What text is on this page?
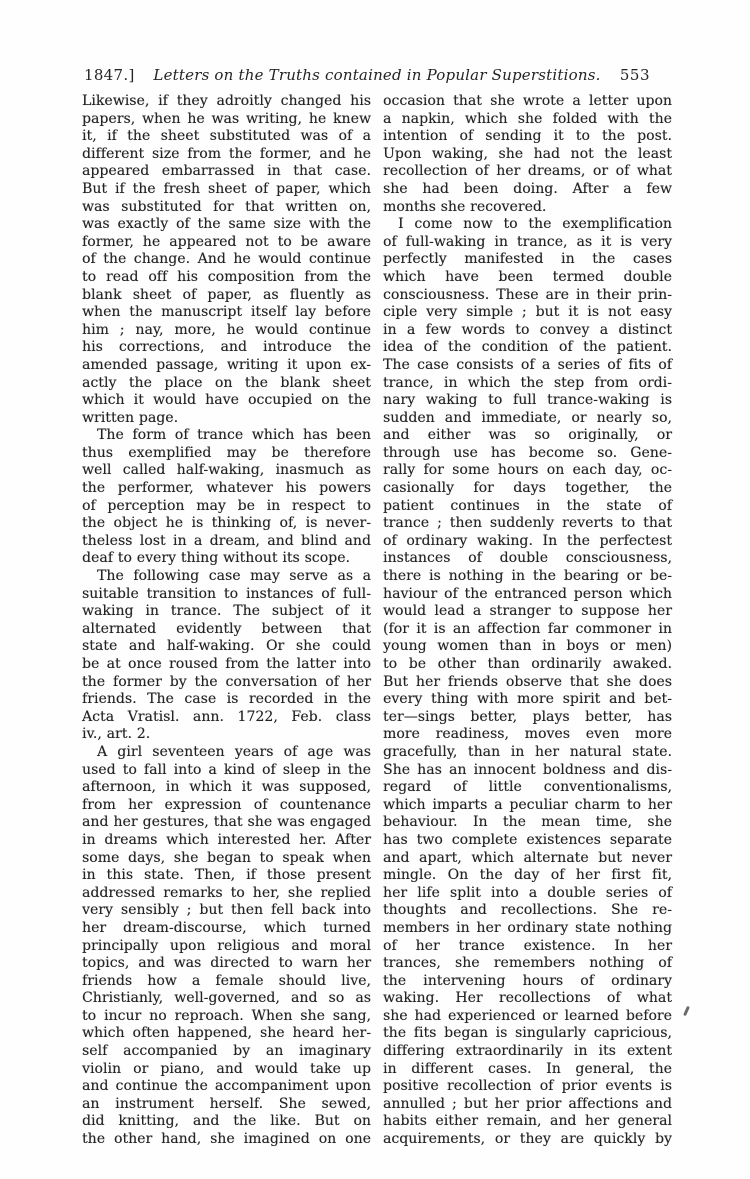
1847.]	Letters on the Truths contained in Popular Superstitions.	553
Likewise, if they adroitly changed his
papers, when he was writing, he knew
it, if the sheet substituted was of a
different size from the former, and he
appeared embarrassed in that case.
But if the fresh sheet of paper, which
was substituted for that written on,
was exactly of the same size with the
former, he appeared not to be aware
of the change. And he would continue
to read off his composition from the
blank sheet of paper, as fluently as
when the manuscript itself lay before
him ; nay, more, he would continue
his corrections, and introduce the
amended passage, writing it upon ex-
actly the place on the blank sheet
which it would have occupied on the
written page.
The form of trance which has been
thus exemplified may be therefore
well called half-waking, inasmuch as
the performer, whatever his powers
of perception may be in respect to
the object he is thinking of, is never-
theless lost in a dream, and blind and
deaf to every thing without its scope.
The following case may serve as a
suitable transition to instances of full-
waking in trance. The subject of it
alternated evidently between that
state and half-waking. Or she could
be at once roused from the latter into
the former by the conversation of her
friends. The case is recorded in the
Acta Vratisl. ann. 1722, Feb. class
iv., art. 2.
A girl seventeen years of age was
used to fall into a kind of sleep in the
afternoon, in which it was supposed,
from her expression of countenance
and her gestures, that she was engaged
in dreams which interested her. After
some days, she began to speak when
in this state. Then, if those present
addressed remarks to her, she replied
very sensibly ; but then fell back into
her dream-discourse, which turned
principally upon religious and moral
topics, and was directed to warn her
friends how a female should live,
Christianly, well-governed, and so as
to incur no reproach. When she sang,
which often happened, she heard her-
self accompanied by an imaginary
violin or piano, and would take up
and continue the accompaniment upon
an instrument herself. She sewed,
did knitting, and the like. But on
the other hand, she imagined on one
occasion that she wrote a letter upon
a napkin, which she folded with the
intention of sending it to the post.
Upon waking, she had not the least
recollection of her dreams, or of what
she had been doing. After a few
months she recovered.
I come now to the exemplification
of full-waking in trance, as it is very
perfectly manifested in the cases
which have been termed double
consciousness. These are in their prin-
ciple very simple ; but it is not easy
in a few words to convey a distinct
idea of the condition of the patient.
The case consists of a series of fits of
trance, in which the step from ordi-
nary waking to full trance-waking is
sudden and immediate, or nearly so,
and either was so originally, or
through use has become so. Gene-
rally for some hours on each day, oc-
casionally for days together, the
patient continues in the state of
trance ; then suddenly reverts to that
of ordinary waking. In the perfectest
instances of double consciousness,
there is nothing in the bearing or be-
haviour of the entranced person which
would lead a stranger to suppose her
(for it is an affection far commoner in
young women than in boys or men)
to be other than ordinarily awaked.
But her friends observe that she does
every thing with more spirit and bet-
ter—sings better, plays better, has
more readiness, moves even more
gracefully, than in her natural state.
She has an innocent boldness and dis-
regard of little conventionalisms,
which imparts a peculiar charm to her
behaviour. In the mean time, she
has two complete existences separate
and apart, which alternate but never
mingle. On the day of her first fit,
her life split into a double series of
thoughts and recollections. She re-
members in her ordinary state nothing
of her trance existence. In her
trances, she remembers nothing of
the intervening hours of ordinary
waking. Her recollections of what
she had experienced or learned before
the fits began is singularly capricious,
differing extraordinarily in its extent
in different cases. In general, the
positive recollection of prior events is
annulled ; but her prior affections and
habits either remain, and her general
acquirements, or they are quickly by
